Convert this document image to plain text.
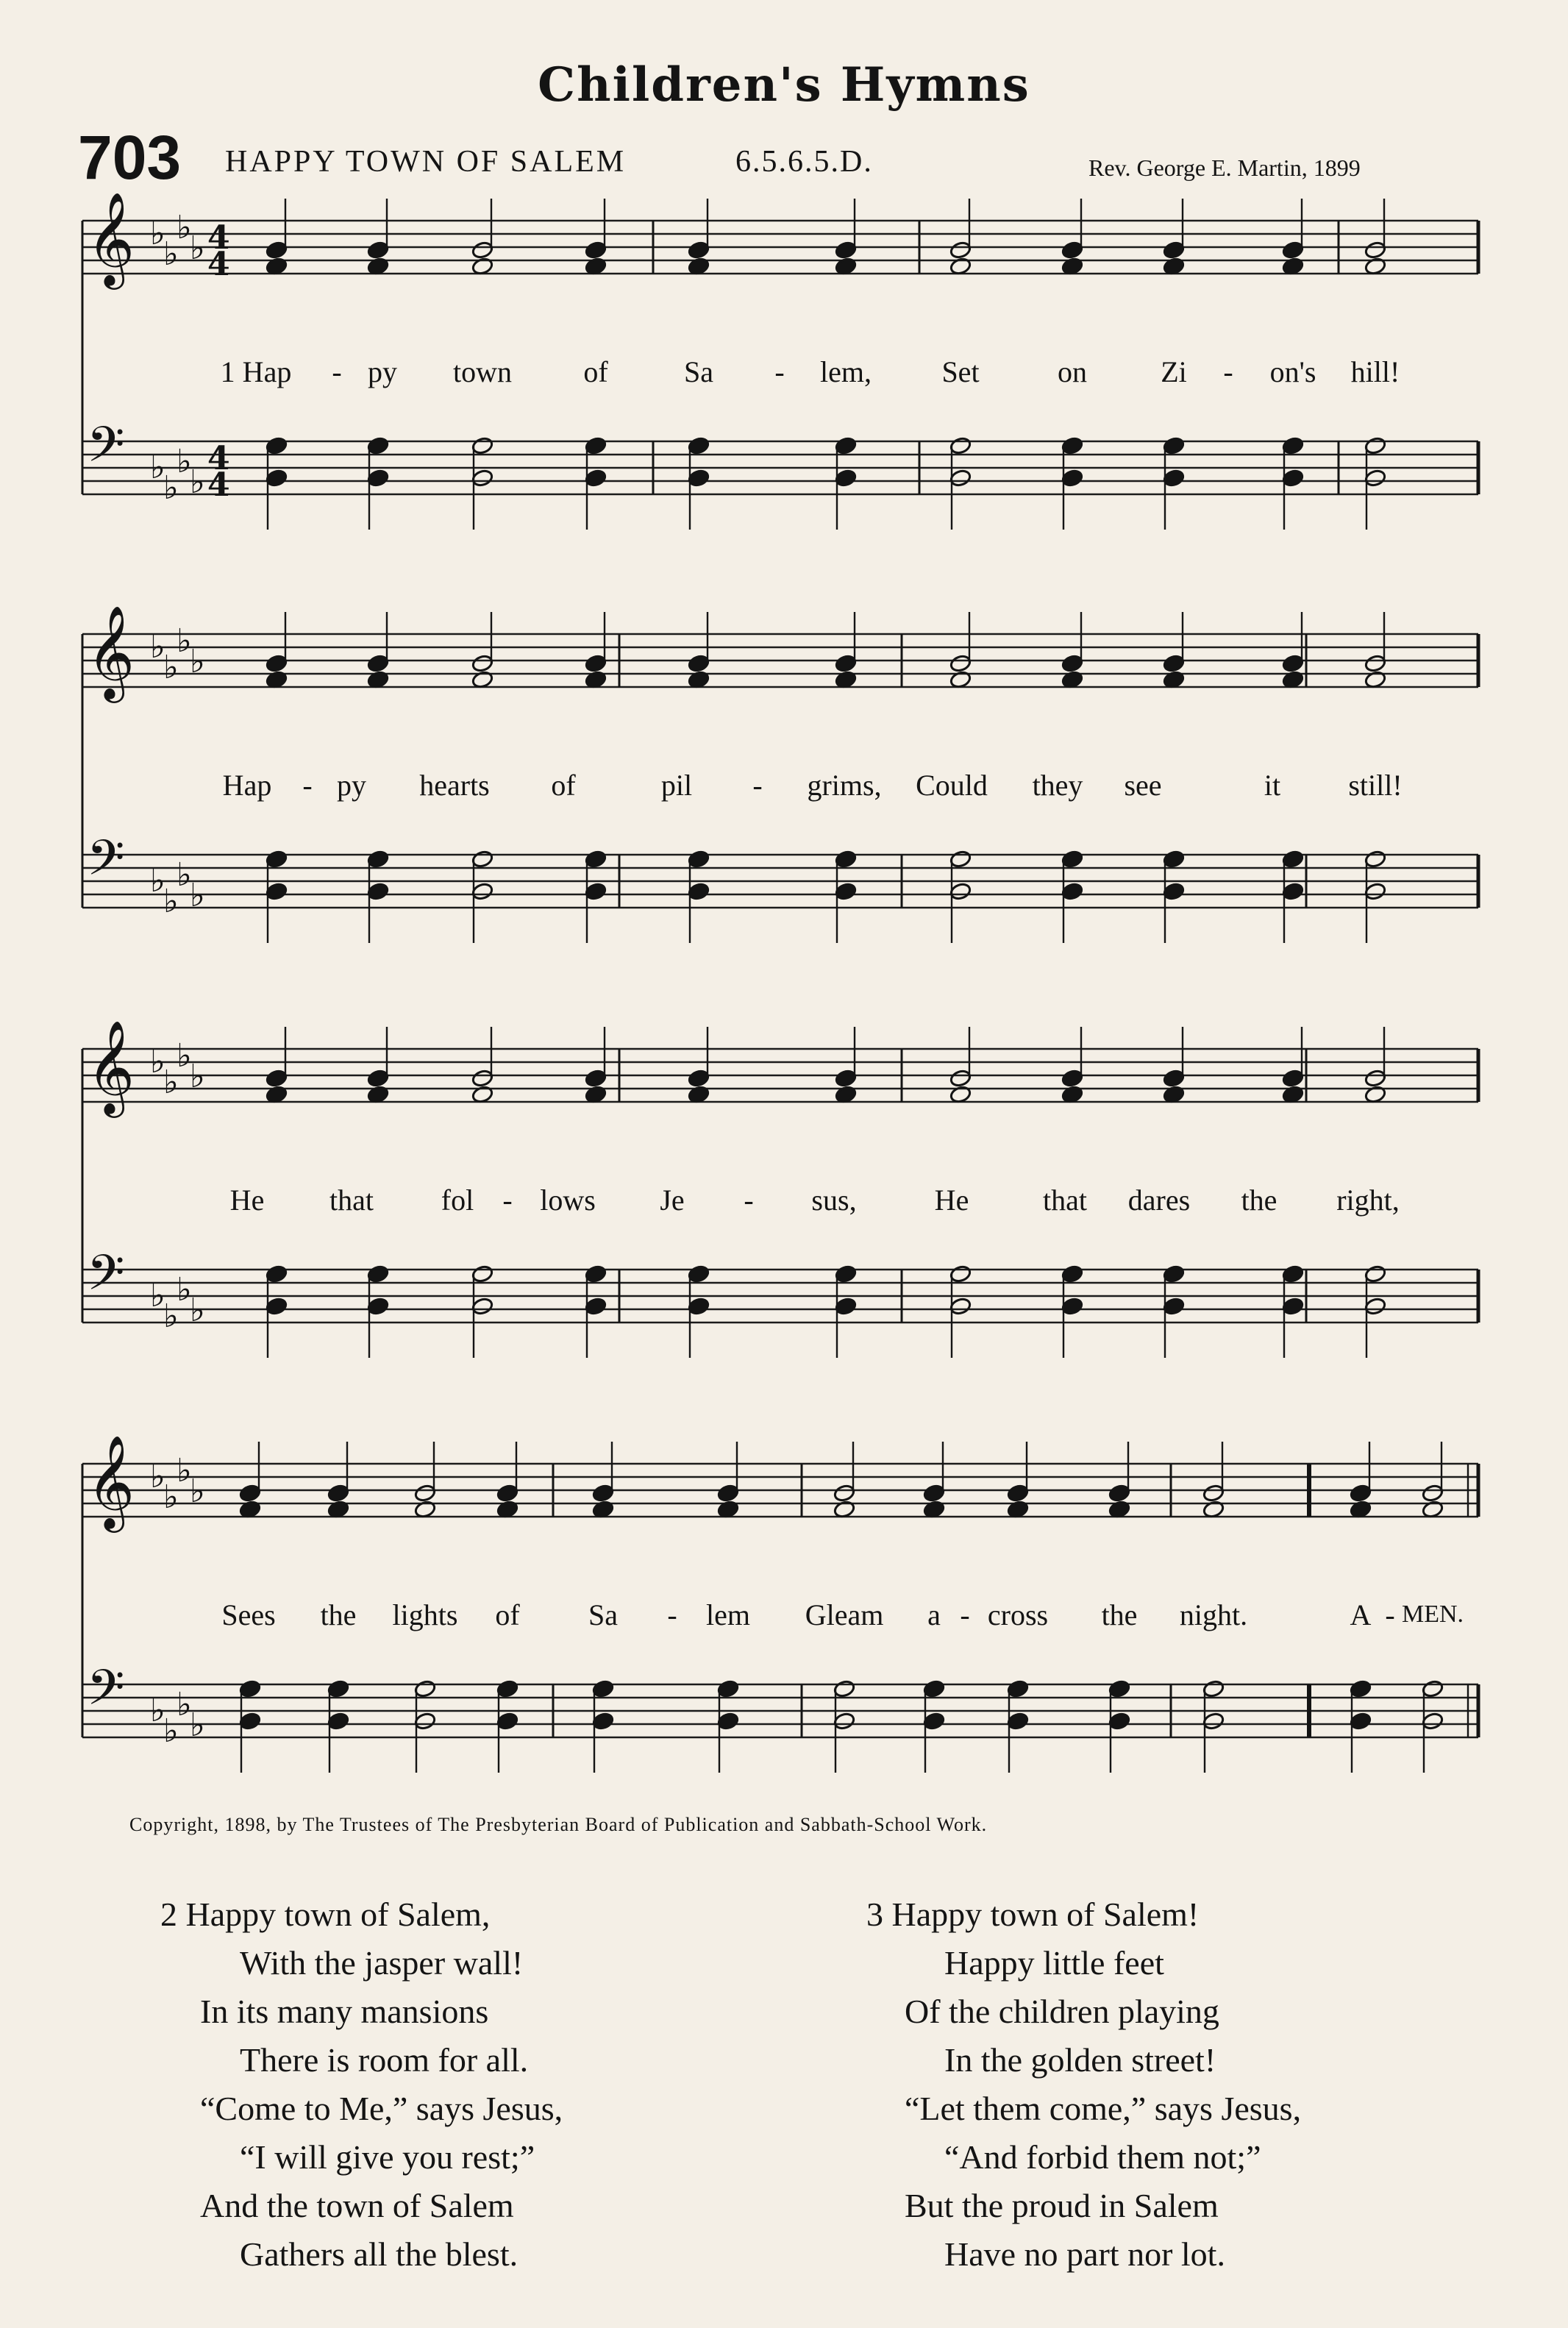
Children's Hymns
703 HAPPY TOWN OF SALEM	6.5.6.5.D.	Rev. George E. Martin, 1899
𝄞 ♭
♭
♭
♭ 4
4
𝄢 ♭
♭
♭
♭
4
4
𝄞 ♭
♭
♭
♭
𝄢 ♭
♭
♭
♭
𝄞 ♭
♭
♭
♭
𝄢 ♭
♭
♭
♭
𝄞 ♭
♭
♭
♭
𝄢 ♭
♭
♭
♭
1 Hap - py town of	Sa - lem, Set	on	Zi - on's hill!
Hap - py hearts of	pil - grims, Could they see	it still!
He that fol - lows Je - sus,	He	that dares the right,
Sees the lights of Sa - lem Gleam a - cross the night.	A - MEN.
Copyright, 1898, by The Trustees of The Presbyterian Board of Publication and Sabbath-School Work.
2 Happy town of Salem,
With the jasper wall!
In its many mansions
There is room for all.
“Come to Me,” says Jesus,
“I will give you rest;”
And the town of Salem
Gathers all the blest.
3 Happy town of Salem!
Happy little feet
Of the children playing
In the golden street!
“Let them come,” says Jesus,
“And forbid them not;”
But the proud in Salem
Have no part nor lot.
